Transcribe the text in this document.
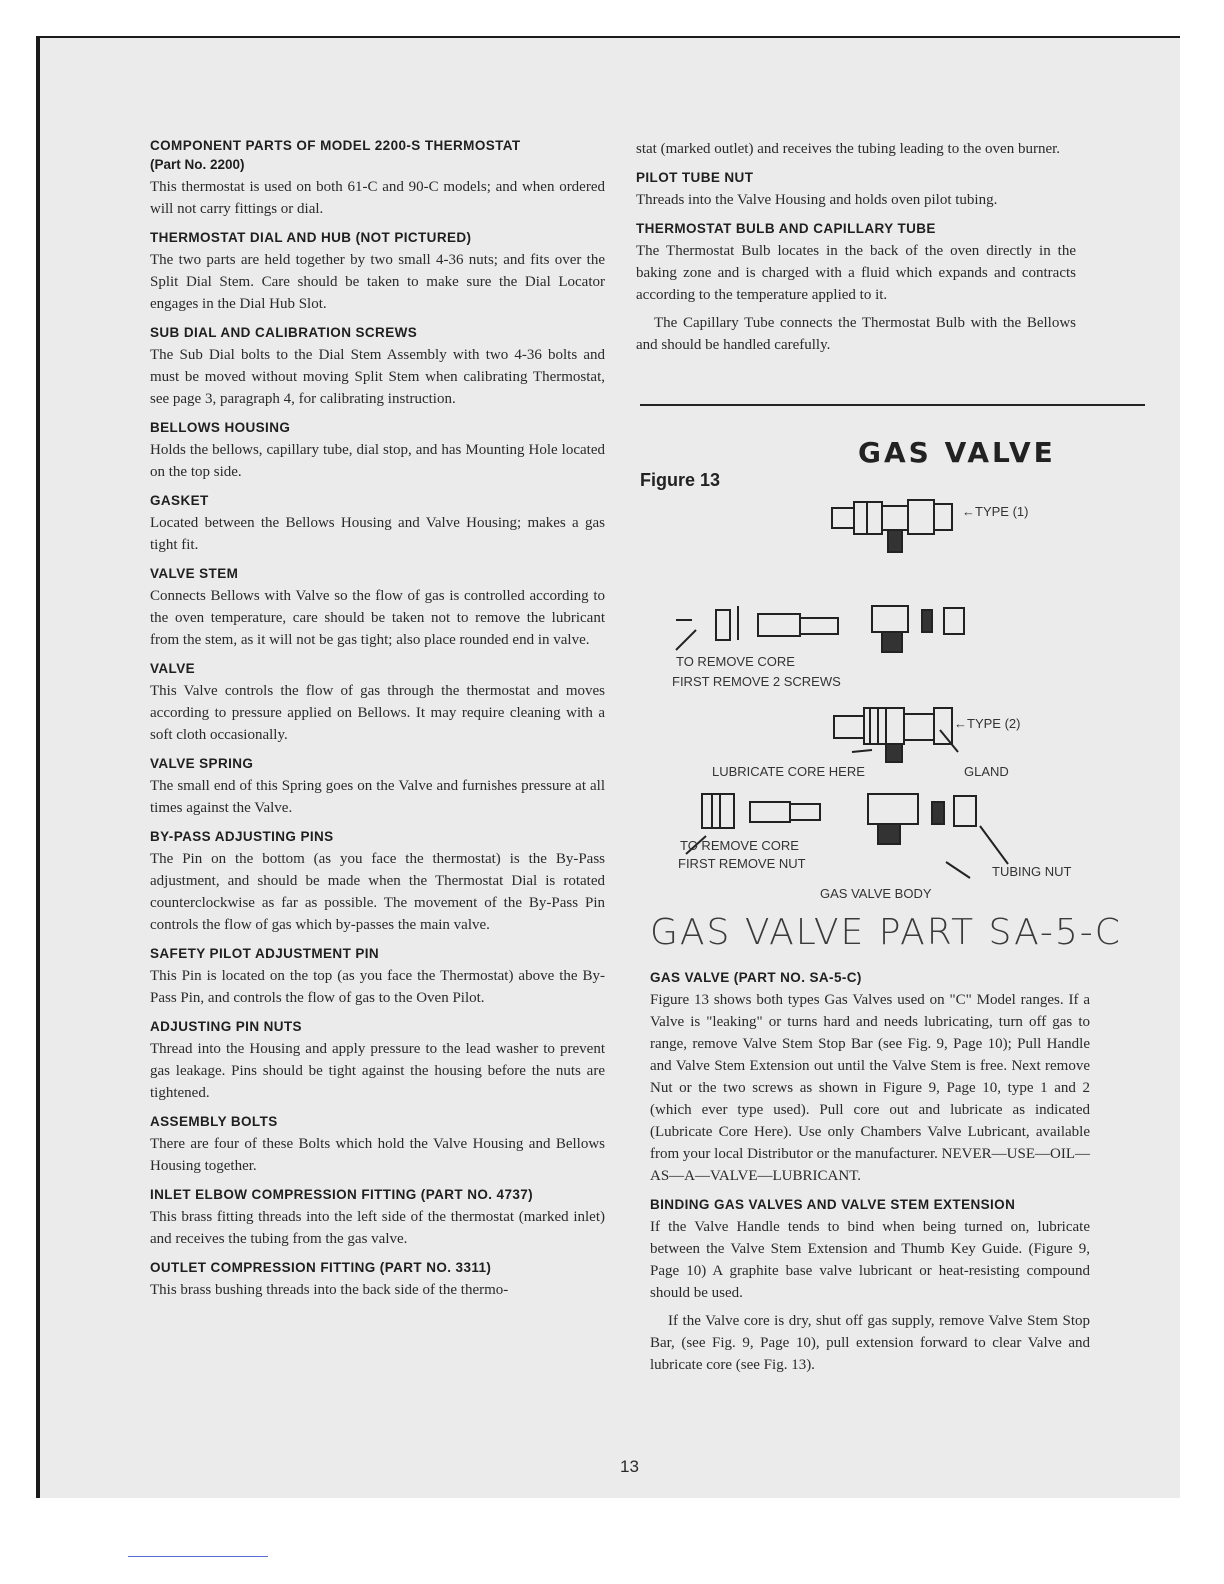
COMPONENT PARTS OF MODEL 2200-S THERMOSTAT
(Part No. 2200)

This thermostat is used on both 61-C and 90-C models; and when ordered will not carry fittings or dial.

THERMOSTAT DIAL AND HUB (NOT PICTURED)

The two parts are held together by two small 4-36 nuts; and fits over the Split Dial Stem. Care should be taken to make sure the Dial Locator engages in the Dial Hub Slot.

SUB DIAL AND CALIBRATION SCREWS

The Sub Dial bolts to the Dial Stem Assembly with two 4-36 bolts and must be moved without moving Split Stem when calibrating Thermostat, see page 3, paragraph 4, for calibrating instruction.

BELLOWS HOUSING

Holds the bellows, capillary tube, dial stop, and has Mounting Hole located on the top side.

GASKET

Located between the Bellows Housing and Valve Housing; makes a gas tight fit.

VALVE STEM

Connects Bellows with Valve so the flow of gas is controlled according to the oven temperature, care should be taken not to remove the lubricant from the stem, as it will not be gas tight; also place rounded end in valve.

VALVE

This Valve controls the flow of gas through the thermostat and moves according to pressure applied on Bellows. It may require cleaning with a soft cloth occasionally.

VALVE SPRING

The small end of this Spring goes on the Valve and furnishes pressure at all times against the Valve.

BY-PASS ADJUSTING PINS

The Pin on the bottom (as you face the thermostat) is the By-Pass adjustment, and should be made when the Thermostat Dial is rotated counterclockwise as far as possible. The movement of the By-Pass Pin controls the flow of gas which by-passes the main valve.

SAFETY PILOT ADJUSTMENT PIN

This Pin is located on the top (as you face the Thermostat) above the By-Pass Pin, and controls the flow of gas to the Oven Pilot.

ADJUSTING PIN NUTS

Thread into the Housing and apply pressure to the lead washer to prevent gas leakage. Pins should be tight against the housing before the nuts are tightened.

ASSEMBLY BOLTS

There are four of these Bolts which hold the Valve Housing and Bellows Housing together.

INLET ELBOW COMPRESSION FITTING (PART NO. 4737)

This brass fitting threads into the left side of the thermostat (marked inlet) and receives the tubing from the gas valve.

OUTLET COMPRESSION FITTING (PART NO. 3311)

This brass bushing threads into the back side of the thermo-

stat (marked outlet) and receives the tubing leading to the oven burner.

PILOT TUBE NUT

Threads into the Valve Housing and holds oven pilot tubing.

THERMOSTAT BULB AND CAPILLARY TUBE

The Thermostat Bulb locates in the back of the oven directly in the baking zone and is charged with a fluid which expands and contracts according to the temperature applied to it.

The Capillary Tube connects the Thermostat Bulb with the Bellows and should be handled carefully.

GAS VALVE
Figure 13
←TYPE (1)
TO REMOVE CORE
FIRST REMOVE 2 SCREWS
←TYPE (2)
LUBRICATE CORE HERE	GLAND
TO REMOVE CORE
FIRST REMOVE NUT
TUBING NUT
GAS VALVE BODY
GAS VALVE PART SA-5-C
GAS VALVE (PART NO. SA-5-C)

Figure 13 shows both types Gas Valves used on "C" Model ranges. If a Valve is "leaking" or turns hard and needs lubricating, turn off gas to range, remove Valve Stem Stop Bar (see Fig. 9, Page 10); Pull Handle and Valve Stem Extension out until the Valve Stem is free. Next remove Nut or the two screws as shown in Figure 9, Page 10, type 1 and 2 (which ever type used). Pull core out and lubricate as indicated (Lubricate Core Here). Use only Chambers Valve Lubricant, available from your local Distributor or the manufacturer. NEVER—USE—OIL—AS—A—VALVE—LUBRICANT.

BINDING GAS VALVES AND VALVE STEM EXTENSION

If the Valve Handle tends to bind when being turned on, lubricate between the Valve Stem Extension and Thumb Key Guide. (Figure 9, Page 10) A graphite base valve lubricant or heat-resisting compound should be used.

If the Valve core is dry, shut off gas supply, remove Valve Stem Stop Bar, (see Fig. 9, Page 10), pull extension forward to clear Valve and lubricate core (see Fig. 13).

13
